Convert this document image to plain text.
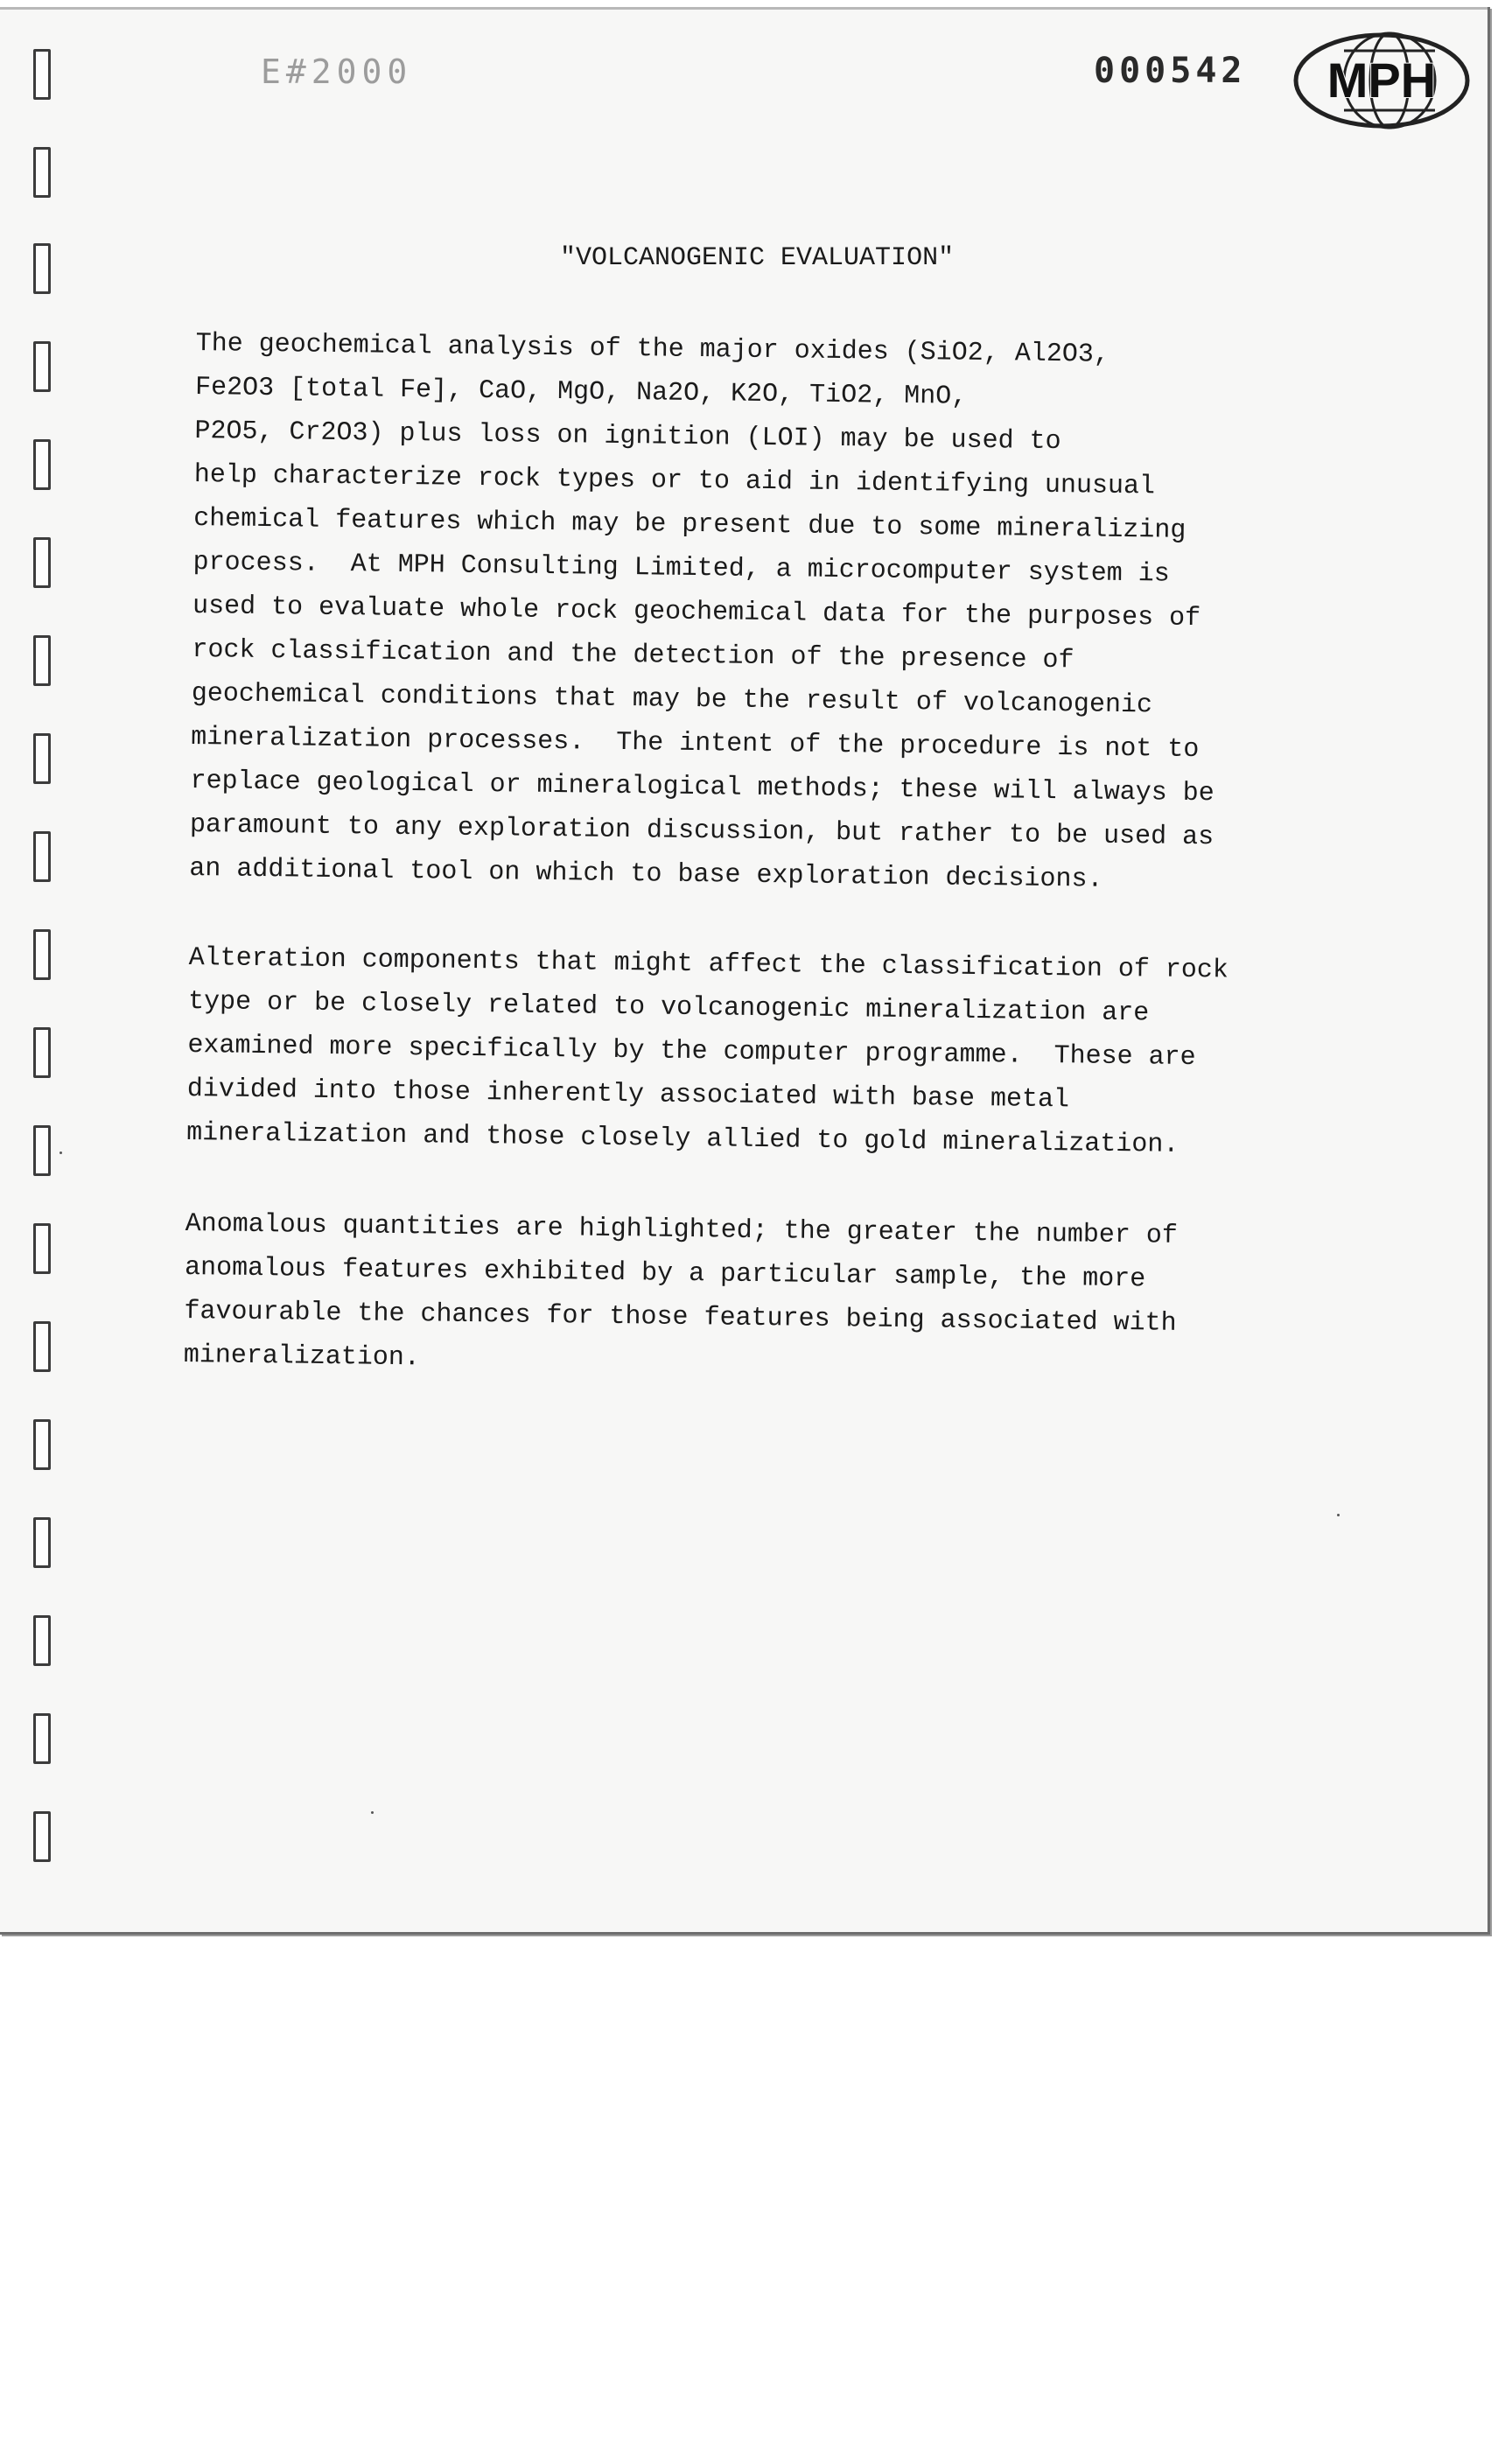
E#2000	000542 MPH
"VOLCANOGENIC EVALUATION"
The geochemical analysis of the major oxides (SiO2, Al2O3,
Fe2O3 [total Fe], CaO, MgO, Na2O, K2O, TiO2, MnO,
P2O5, Cr2O3) plus loss on ignition (LOI) may be used to
help characterize rock types or to aid in identifying unusual
chemical features which may be present due to some mineralizing
process.  At MPH Consulting Limited, a microcomputer system is
used to evaluate whole rock geochemical data for the purposes of
rock classification and the detection of the presence of
geochemical conditions that may be the result of volcanogenic
mineralization processes.  The intent of the procedure is not to
replace geological or mineralogical methods; these will always be
paramount to any exploration discussion, but rather to be used as
an additional tool on which to base exploration decisions.
Alteration components that might affect the classification of rock
type or be closely related to volcanogenic mineralization are
examined more specifically by the computer programme.  These are
divided into those inherently associated with base metal
mineralization and those closely allied to gold mineralization.
Anomalous quantities are highlighted; the greater the number of
anomalous features exhibited by a particular sample, the more
favourable the chances for those features being associated with
mineralization.
